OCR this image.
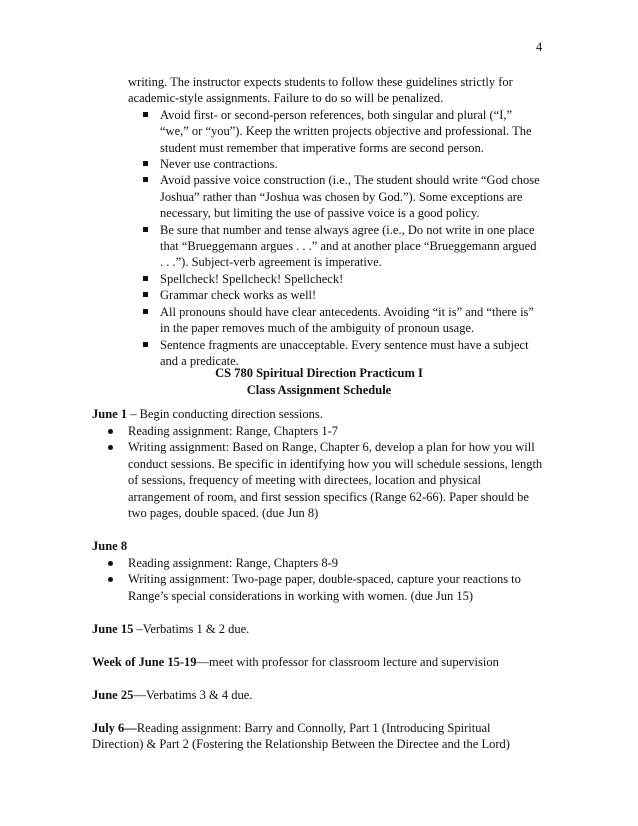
4

writing. The instructor expects students to follow these guidelines strictly for academic-style assignments. Failure to do so will be penalized.

Avoid first- or second-person references, both singular and plural (“I,” “we,” or “you”). Keep the written projects objective and professional. The student must remember that imperative forms are second person.
Never use contractions.
Avoid passive voice construction (i.e., The student should write “God chose Joshua” rather than “Joshua was chosen by God.”). Some exceptions are necessary, but limiting the use of passive voice is a good policy.
Be sure that number and tense always agree (i.e., Do not write in one place that “Brueggemann argues . . .” and at another place “Brueggemann argued . . .”). Subject-verb agreement is imperative.
Spellcheck! Spellcheck! Spellcheck!
Grammar check works as well!
All pronouns should have clear antecedents. Avoiding “it is” and “there is” in the paper removes much of the ambiguity of pronoun usage.
Sentence fragments are unacceptable. Every sentence must have a subject and a predicate.
CS 780 Spiritual Direction Practicum I
Class Assignment Schedule

June 1 – Begin conducting direction sessions.

Reading assignment: Range, Chapters 1-7
Writing assignment: Based on Range, Chapter 6, develop a plan for how you will conduct sessions. Be specific in identifying how you will schedule sessions, length of sessions, frequency of meeting with directees, location and physical arrangement of room, and first session specifics (Range 62-66). Paper should be two pages, double spaced. (due Jun 8)

June 8

Reading assignment: Range, Chapters 8-9
Writing assignment: Two-page paper, double-spaced, capture your reactions to Range’s special considerations in working with women. (due Jun 15)

June 15 –Verbatims 1 & 2 due.

Week of June 15-19—meet with professor for classroom lecture and supervision

June 25—Verbatims 3 & 4 due.

July 6—Reading assignment: Barry and Connolly, Part 1 (Introducing Spiritual Direction) & Part 2 (Fostering the Relationship Between the Directee and the Lord)
